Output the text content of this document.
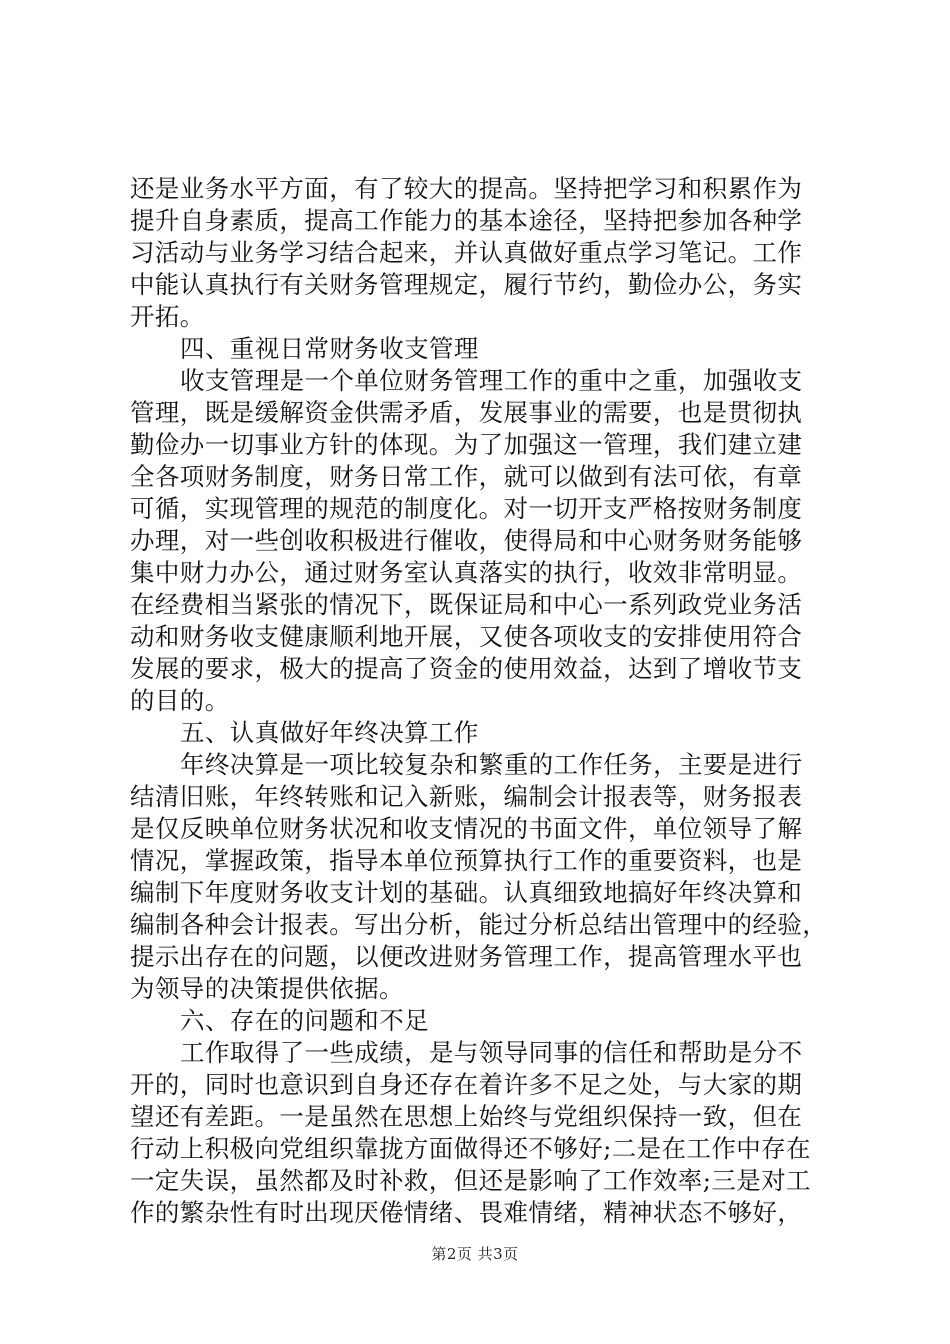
还是业务水平方面，有了较大的提高。坚持把学习和积累作为
提升自身素质，提高工作能力的基本途径，坚持把参加各种学
习活动与业务学习结合起来，并认真做好重点学习笔记。工作
中能认真执行有关财务管理规定，履行节约，勤俭办公，务实
开拓。
四、重视日常财务收支管理
收支管理是一个单位财务管理工作的重中之重，加强收支
管理，既是缓解资金供需矛盾，发展事业的需要，也是贯彻执
勤俭办一切事业方针的体现。为了加强这一管理，我们建立建
全各项财务制度，财务日常工作，就可以做到有法可依，有章
可循，实现管理的规范的制度化。对一切开支严格按财务制度
办理，对一些创收积极进行催收，使得局和中心财务财务能够
集中财力办公，通过财务室认真落实的执行，收效非常明显。
在经费相当紧张的情况下，既保证局和中心一系列政党业务活
动和财务收支健康顺利地开展，又使各项收支的安排使用符合
发展的要求，极大的提高了资金的使用效益，达到了增收节支
的目的。
五、认真做好年终决算工作
年终决算是一项比较复杂和繁重的工作任务，主要是进行
结清旧账，年终转账和记入新账，编制会计报表等，财务报表
是仅反映单位财务状况和收支情况的书面文件，单位领导了解
情况，掌握政策，指导本单位预算执行工作的重要资料，也是
编制下年度财务收支计划的基础。认真细致地搞好年终决算和
编制各种会计报表。写出分析，能过分析总结出管理中的经验，
提示出存在的问题，以便改进财务管理工作，提高管理水平也
为领导的决策提供依据。
六、存在的问题和不足
工作取得了一些成绩，是与领导同事的信任和帮助是分不
开的，同时也意识到自身还存在着许多不足之处，与大家的期
望还有差距。一是虽然在思想上始终与党组织保持一致，但在
行动上积极向党组织靠拢方面做得还不够好;二是在工作中存在
一定失误，虽然都及时补救，但还是影响了工作效率;三是对工
作的繁杂性有时出现厌倦情绪、畏难情绪，精神状态不够好，
第2页 共3页
